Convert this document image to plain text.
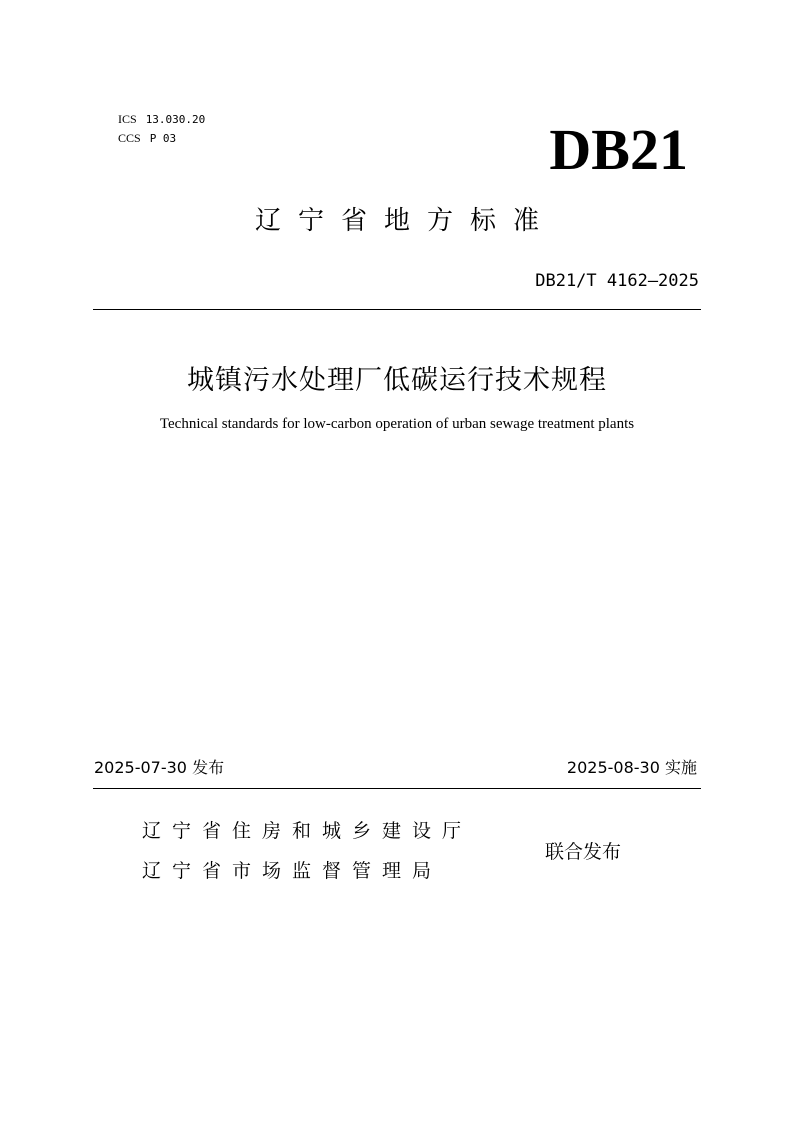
ICS 13.030.20
CCS P 03	DB21
辽宁省地方标准
DB21/T 4162—2025
城镇污水处理厂低碳运行技术规程
Technical standards for low-carbon operation of urban sewage treatment plants
2025-07-30 发布	2025-08-30 实施
辽宁省住房和城乡建设厅
辽宁省市场监督管理局
联合发布
